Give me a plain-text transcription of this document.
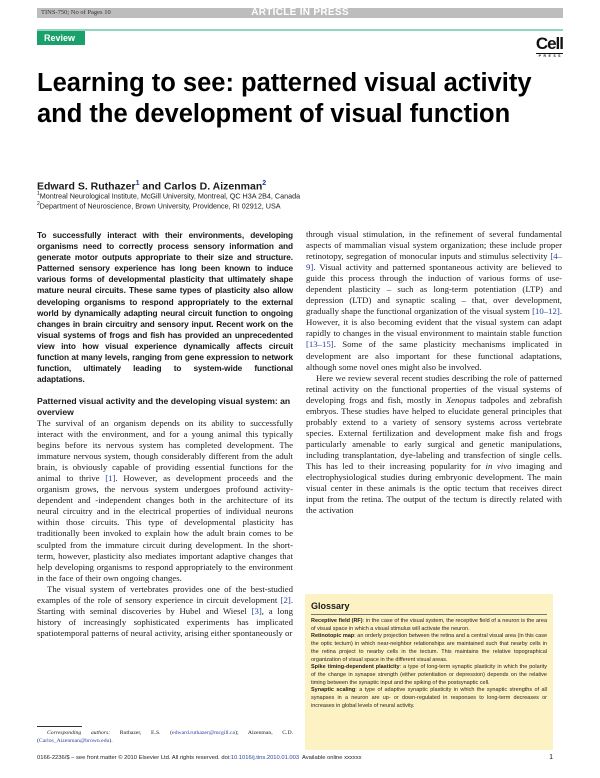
TINS-750; No of Pages 10	ARTICLE IN PRESS
Review	Cell
PRESS
Learning to see: patterned visual activity and the development of visual function
Edward S. Ruthazer$^1$ and Carlos D. Aizenman$^2$
$^1$Montreal Neurological Institute, McGill University, Montreal, QC H3A 2B4, Canada
$^2$Department of Neuroscience, Brown University, Providence, RI 02912, USA
To successfully interact with their environments, developing organisms need to correctly process sensory information and generate motor outputs appropriate to their size and structure. Patterned sensory experience has long been known to induce various forms of developmental plasticity that ultimately shape mature neural circuits. These same types of plasticity also allow developing organisms to respond appropriately to the external world by dynamically adapting neural circuit function to ongoing changes in brain circuitry and sensory input. Recent work on the visual systems of frogs and fish has provided an unprecedented view into how visual experience dynamically affects circuit function at many levels, ranging from gene expression to network function, ultimately leading to system-wide functional adaptations.
Patterned visual activity and the developing visual system: an overview

The survival of an organism depends on its ability to successfully interact with the environment, and for a young animal this typically begins before its nervous system has completed development. The immature nervous system, though considerably different from the adult brain, is obviously capable of providing essential functions for the animal to thrive [1]. However, as development proceeds and the organism grows, the nervous system undergoes profound activity-dependent and -independent changes both in the architecture of its neural circuitry and in the electrical properties of individual neurons within those circuits. This type of developmental plasticity has traditionally been invoked to explain how the adult brain comes to be sculpted from the immature circuit during development. In the short-term, however, plasticity also mediates important adaptive changes that help developing organisms to respond appropriately to the environment in the face of their own ongoing changes.

The visual system of vertebrates provides one of the best-studied examples of the role of sensory experience in circuit development [2]. Starting with seminal discoveries by Hubel and Wiesel [3], a long history of increasingly sophisticated experiments has implicated spatiotemporal patterns of neural activity, arising either spontaneously or

through visual stimulation, in the refinement of several fundamental aspects of mammalian visual system organization; these include proper retinotopy, segregation of monocular inputs and stimulus selectivity [4–9]. Visual activity and patterned spontaneous activity are believed to guide this process through the induction of various forms of use-dependent plasticity – such as long-term potentiation (LTP) and depression (LTD) and synaptic scaling – that, over development, gradually shape the functional organization of the visual system [10–12]. However, it is also becoming evident that the visual system can adapt rapidly to changes in the visual environment to maintain stable function [13–15]. Some of the same plasticity mechanisms implicated in development are also important for these functional adaptations, although some novel ones might also be involved.

Here we review several recent studies describing the role of patterned retinal activity on the functional properties of the visual systems of developing frogs and fish, mostly in Xenopus tadpoles and zebrafish embryos. These studies have helped to elucidate general principles that probably extend to a variety of sensory systems across vertebrate species. External fertilization and development make fish and frogs particularly amenable to early surgical and genetic manipulations, including transplantation, dye-labeling and transfection of single cells. This has led to their increasing popularity for in vivo imaging and electrophysiological studies during embryonic development. The main visual center in these animals is the optic tectum that receives direct input from the retina. The output of the tectum is directly related with the activation

Glossary

Receptive field (RF): in the case of the visual system, the receptive field of a neuron is the area of visual space in which a visual stimulus will activate the neuron.

Retinotopic map: an orderly projection between the retina and a central visual area (in this case the optic tectum) in which near-neighbor relationships are maintained such that nearby cells in the retina project to nearby cells in the tectum. This maintains the relative topographical organization of visual space in the different visual areas.

Spike timing-dependent plasticity: a type of long-term synaptic plasticity in which the polarity of the change in synapse strength (either potentiation or depression) depends on the relative timing between the synaptic input and the spiking of the postsynaptic cell.

Synaptic scaling: a type of adaptive synaptic plasticity in which the synaptic strengths of all synapses in a neuron are up- or down-regulated in responses to long-term decreases or increases in global levels of neural activity.

Corresponding authors: Ruthazer, E.S. (edward.ruthazer@mcgill.ca); Aizenman, C.D. (Carlos_Aizenman@brown.edu).
0166-2236/$ – see front matter © 2010 Elsevier Ltd. All rights reserved. doi:10.1016/j.tins.2010.01.003  Available online xxxxxx	1
